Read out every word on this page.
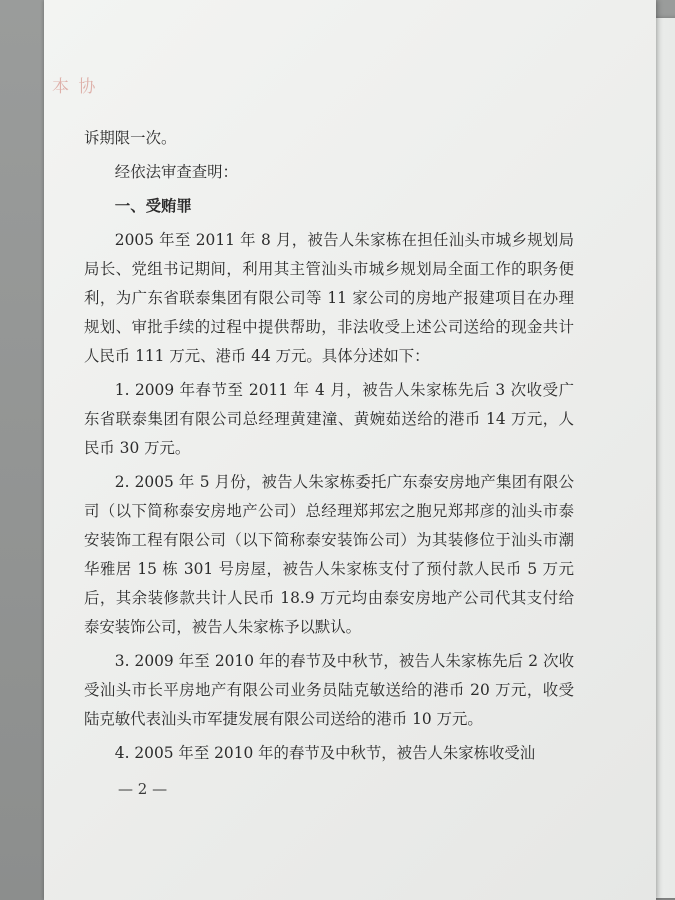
本 协

诉期限一次。

经依法审查查明：

一、受贿罪

2005 年至 2011 年 8 月，被告人朱家栋在担任汕头市城乡规划局局长、党组书记期间，利用其主管汕头市城乡规划局全面工作的职务便利，为广东省联泰集团有限公司等 11 家公司的房地产报建项目在办理规划、审批手续的过程中提供帮助，非法收受上述公司送给的现金共计人民币 111 万元、港币 44 万元。具体分述如下：

1. 2009 年春节至 2011 年 4 月，被告人朱家栋先后 3 次收受广东省联泰集团有限公司总经理黄建潼、黄婉茹送给的港币 14 万元，人民币 30 万元。

2. 2005 年 5 月份，被告人朱家栋委托广东泰安房地产集团有限公司（以下简称泰安房地产公司）总经理郑邦宏之胞兄郑邦彦的汕头市泰安装饰工程有限公司（以下简称泰安装饰公司）为其装修位于汕头市潮华雅居 15 栋 301 号房屋，被告人朱家栋支付了预付款人民币 5 万元后，其余装修款共计人民币 18.9 万元均由泰安房地产公司代其支付给泰安装饰公司，被告人朱家栋予以默认。

3. 2009 年至 2010 年的春节及中秋节，被告人朱家栋先后 2 次收受汕头市长平房地产有限公司业务员陆克敏送给的港币 20 万元，收受陆克敏代表汕头市军捷发展有限公司送给的港币 10 万元。

4. 2005 年至 2010 年的春节及中秋节，被告人朱家栋收受汕

— 2 —
